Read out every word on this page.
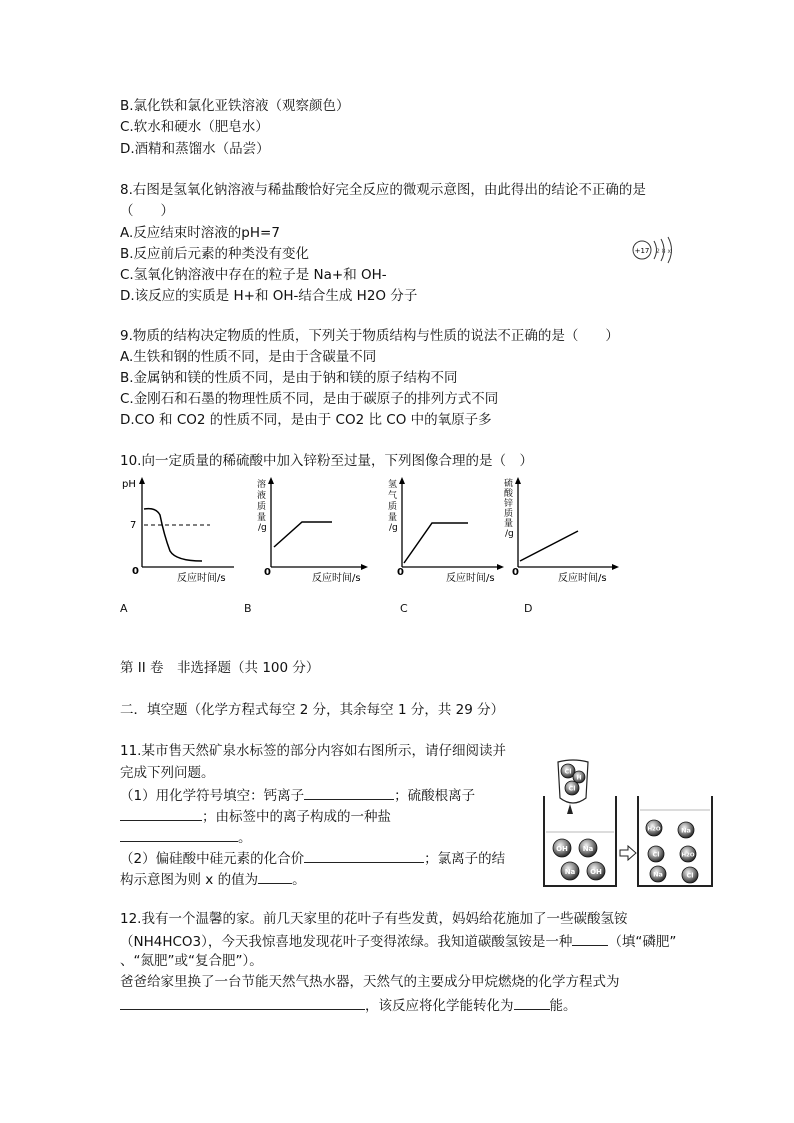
B.氯化铁和氯化亚铁溶液（观察颜色）
C.软水和硬水（肥皂水）
D.酒精和蒸馏水（品尝）
8.右图是氢氧化钠溶液与稀盐酸恰好完全反应的微观示意图，由此得出的结论不正确的是
（　　）
A.反应结束时溶液的pH=7
B.反应前后元素的种类没有变化
C.氢氧化钠溶液中存在的粒子是 Na+和 OH-
D.该反应的实质是 H+和 OH-结合生成 H2O 分子
+17 2 8 x
9.物质的结构决定物质的性质，下列关于物质结构与性质的说法不正确的是（　　）
A.生铁和钢的性质不同，是由于含碳量不同
B.金属钠和镁的性质不同，是由于钠和镁的原子结构不同
C.金刚石和石墨的物理性质不同，是由于碳原子的排列方式不同
D.CO 和 CO2 的性质不同，是由于 CO2 比 CO 中的氧原子多
10.向一定质量的稀硫酸中加入锌粉至过量，下列图像合理的是（　）
pH
7
0
反应时间/s
A
溶液质量/g
0
反应时间/s
B
氢气质量/g
0
反应时间/s
C
硫酸锌质量/g
0
反应时间/s
D
第 II 卷　非选择题（共 100 分）
二．填空题（化学方程式每空 2 分，其余每空 1 分，共 29 分）
11.某市售天然矿泉水标签的部分内容如右图所示，请仔细阅读并
完成下列问题。
（1）用化学符号填空：钙离子	；硫酸根离子
；由标签中的离子构成的一种盐
。
（2）偏硅酸中硅元素的化合价	；氯离子的结
构示意图为则 x 的值为	。
Cl
H
Cl
OH Na
Na OH
H2O	Na
Cl	H2O
Na	Cl
12.我有一个温馨的家。前几天家里的花叶子有些发黄，妈妈给花施加了一些碳酸氢铵
（NH4HCO3），今天我惊喜地发现花叶子变得浓绿。我知道碳酸氢铵是一种	（填“磷肥”
、“氮肥”或“复合肥”）。
爸爸给家里换了一台节能天然气热水器，天然气的主要成分甲烷燃烧的化学方程式为
，该反应将化学能转化为	能。
